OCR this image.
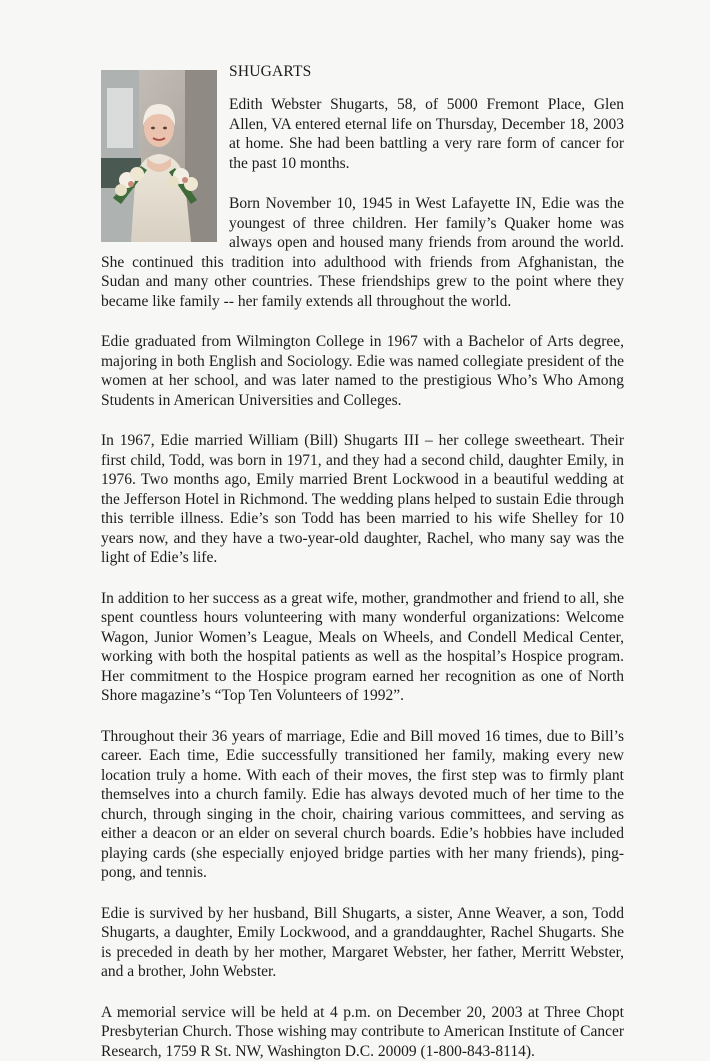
SHUGARTS

Edith Webster Shugarts, 58, of 5000 Fremont Place, Glen Allen, VA entered eternal life on Thursday, December 18, 2003 at home. She had been battling a very rare form of cancer for the past 10 months.

Born November 10, 1945 in West Lafayette IN, Edie was the youngest of three children. Her family’s Quaker home was always open and housed many friends from around the world. She continued this tradition into adulthood with friends from Afghanistan, the Sudan and many other countries. These friendships grew to the point where they became like family -- her family extends all throughout the world.

Edie graduated from Wilmington College in 1967 with a Bachelor of Arts degree, majoring in both English and Sociology. Edie was named collegiate president of the women at her school, and was later named to the prestigious Who’s Who Among Students in American Universities and Colleges.

In 1967, Edie married William (Bill) Shugarts III – her college sweetheart. Their first child, Todd, was born in 1971, and they had a second child, daughter Emily, in 1976. Two months ago, Emily married Brent Lockwood in a beautiful wedding at the Jefferson Hotel in Richmond. The wedding plans helped to sustain Edie through this terrible illness. Edie’s son Todd has been married to his wife Shelley for 10 years now, and they have a two-year-old daughter, Rachel, who many say was the light of Edie’s life.

In addition to her success as a great wife, mother, grandmother and friend to all, she spent countless hours volunteering with many wonderful organizations: Welcome Wagon, Junior Women’s League, Meals on Wheels, and Condell Medical Center, working with both the hospital patients as well as the hospital’s Hospice program. Her commitment to the Hospice program earned her recognition as one of North Shore magazine’s “Top Ten Volunteers of 1992”.

Throughout their 36 years of marriage, Edie and Bill moved 16 times, due to Bill’s career. Each time, Edie successfully transitioned her family, making every new location truly a home. With each of their moves, the first step was to firmly plant themselves into a church family. Edie has always devoted much of her time to the church, through singing in the choir, chairing various committees, and serving as either a deacon or an elder on several church boards. Edie’s hobbies have included playing cards (she especially enjoyed bridge parties with her many friends), ping-pong, and tennis.

Edie is survived by her husband, Bill Shugarts, a sister, Anne Weaver, a son, Todd Shugarts, a daughter, Emily Lockwood, and a granddaughter, Rachel Shugarts. She is preceded in death by her mother, Margaret Webster, her father, Merritt Webster, and a brother, John Webster.

A memorial service will be held at 4 p.m. on December 20, 2003 at Three Chopt Presbyterian Church. Those wishing may contribute to American Institute of Cancer Research, 1759 R St. NW, Washington D.C. 20009 (1-800-843-8114).
